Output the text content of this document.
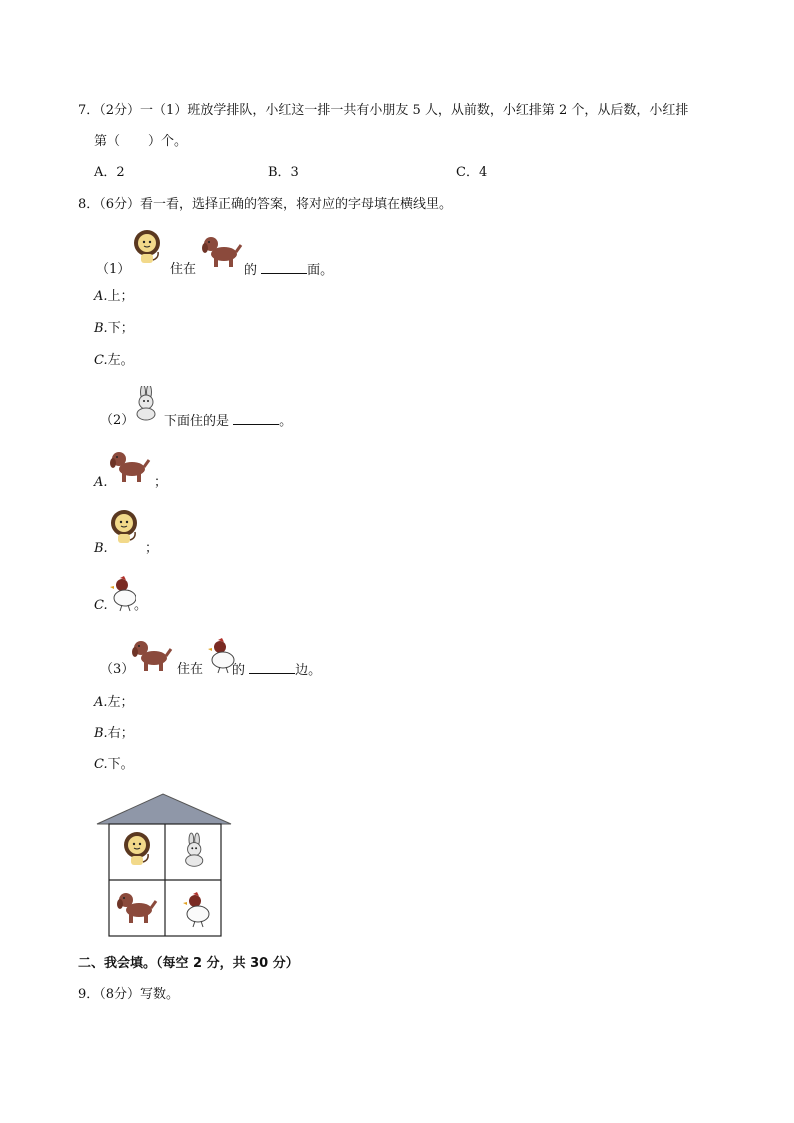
7．（2分）一（1）班放学排队，小红这一排一共有小朋友 5 人，从前数，小红排第 2 个，从后数，小红排
第（ ）个。
A．2	B．3	C．4
8．（6分）看一看，选择正确的答案，将对应的字母填在横线里。
（1）	住在	的	面。
A.上；
B.下；
C.左。
（2） 下面住的是	。
A.	；
B.	；
C. 。
（3）	住在 的	边。
A.左；
B.右；
C.下。
二、我会填。（每空 2 分，共 30 分）
9．（8分）写数。
